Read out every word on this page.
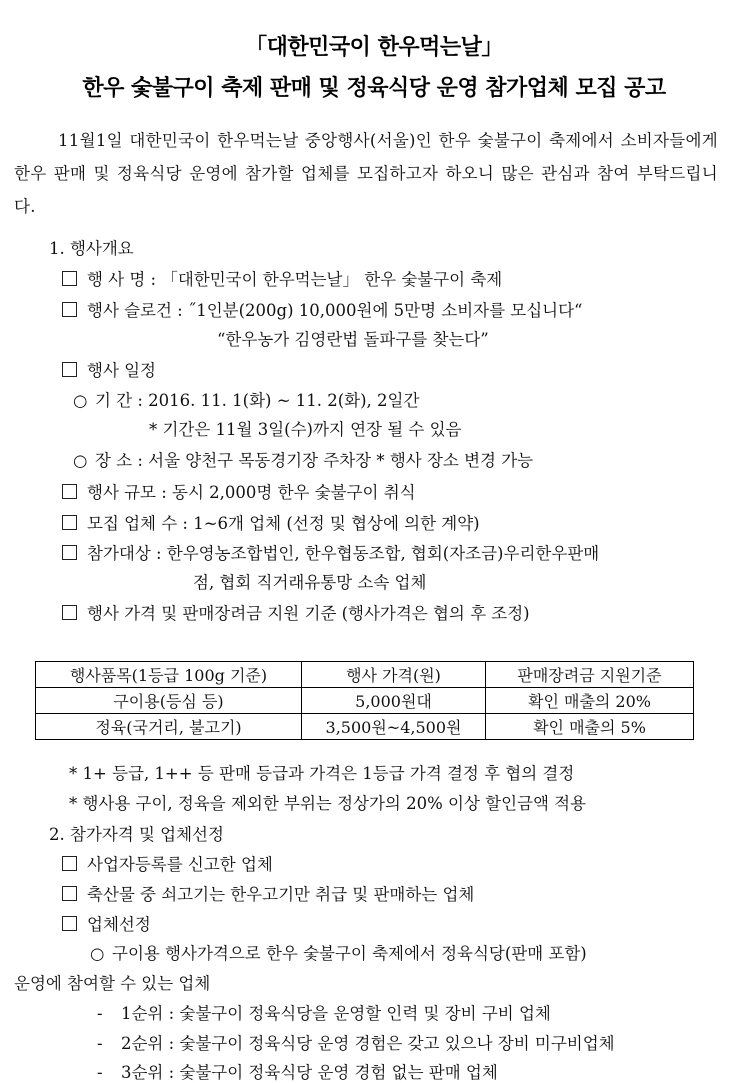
「대한민국이 한우먹는날」
한우 숯불구이 축제 판매 및 정육식당 운영 참가업체 모집 공고
11월1일 대한민국이 한우먹는날 중앙행사(서울)인 한우 숯불구이 축제에서 소비자들에게 한우 판매 및 정육식당 운영에 참가할 업체를 모집하고자 하오니 많은 관심과 참여 부탁드립니다.
1. 행사개요
행 사 명 : 「대한민국이 한우먹는날」 한우 숯불구이 축제
행사 슬로건 : ˝1인분(200g) 10,000원에 5만명 소비자를 모십니다“
“한우농가 김영란법 돌파구를 찾는다”
행사 일정
○ 기 간 : 2016. 11. 1(화) ~ 11. 2(화), 2일간
* 기간은 11월 3일(수)까지 연장 될 수 있음
○ 장 소 : 서울 양천구 목동경기장 주차장 * 행사 장소 변경 가능
행사 규모 : 동시 2,000명 한우 숯불구이 취식
모집 업체 수 : 1~6개 업체 (선정 및 협상에 의한 계약)
참가대상 : 한우영농조합법인, 한우협동조합, 협회(자조금)우리한우판매
점, 협회 직거래유통망 소속 업체
행사 가격 및 판매장려금 지원 기준 (행사가격은 협의 후 조정)
행사품목(1등급 100g 기준)	행사 가격(원)	판매장려금 지원기준
구이용(등심 등)	5,000원대	확인 매출의 20%
정육(국거리, 불고기)	3,500원~4,500원	확인 매출의 5%
* 1+ 등급, 1++ 등 판매 등급과 가격은 1등급 가격 결정 후 협의 결정
* 행사용 구이, 정육을 제외한 부위는 정상가의 20% 이상 할인금액 적용
2. 참가자격 및 업체선정
사업자등록를 신고한 업체
축산물 중 쇠고기는 한우고기만 취급 및 판매하는 업체
업체선정
○ 구이용 행사가격으로 한우 숯불구이 축제에서 정육식당(판매 포함)
운영에 참여할 수 있는 업체
- 1순위 : 숯불구이 정육식당을 운영할 인력 및 장비 구비 업체
- 2순위 : 숯불구이 정육식당 운영 경험은 갖고 있으나 장비 미구비업체
- 3순위 : 숯불구이 정육식당 운영 경험 없는 판매 업체
